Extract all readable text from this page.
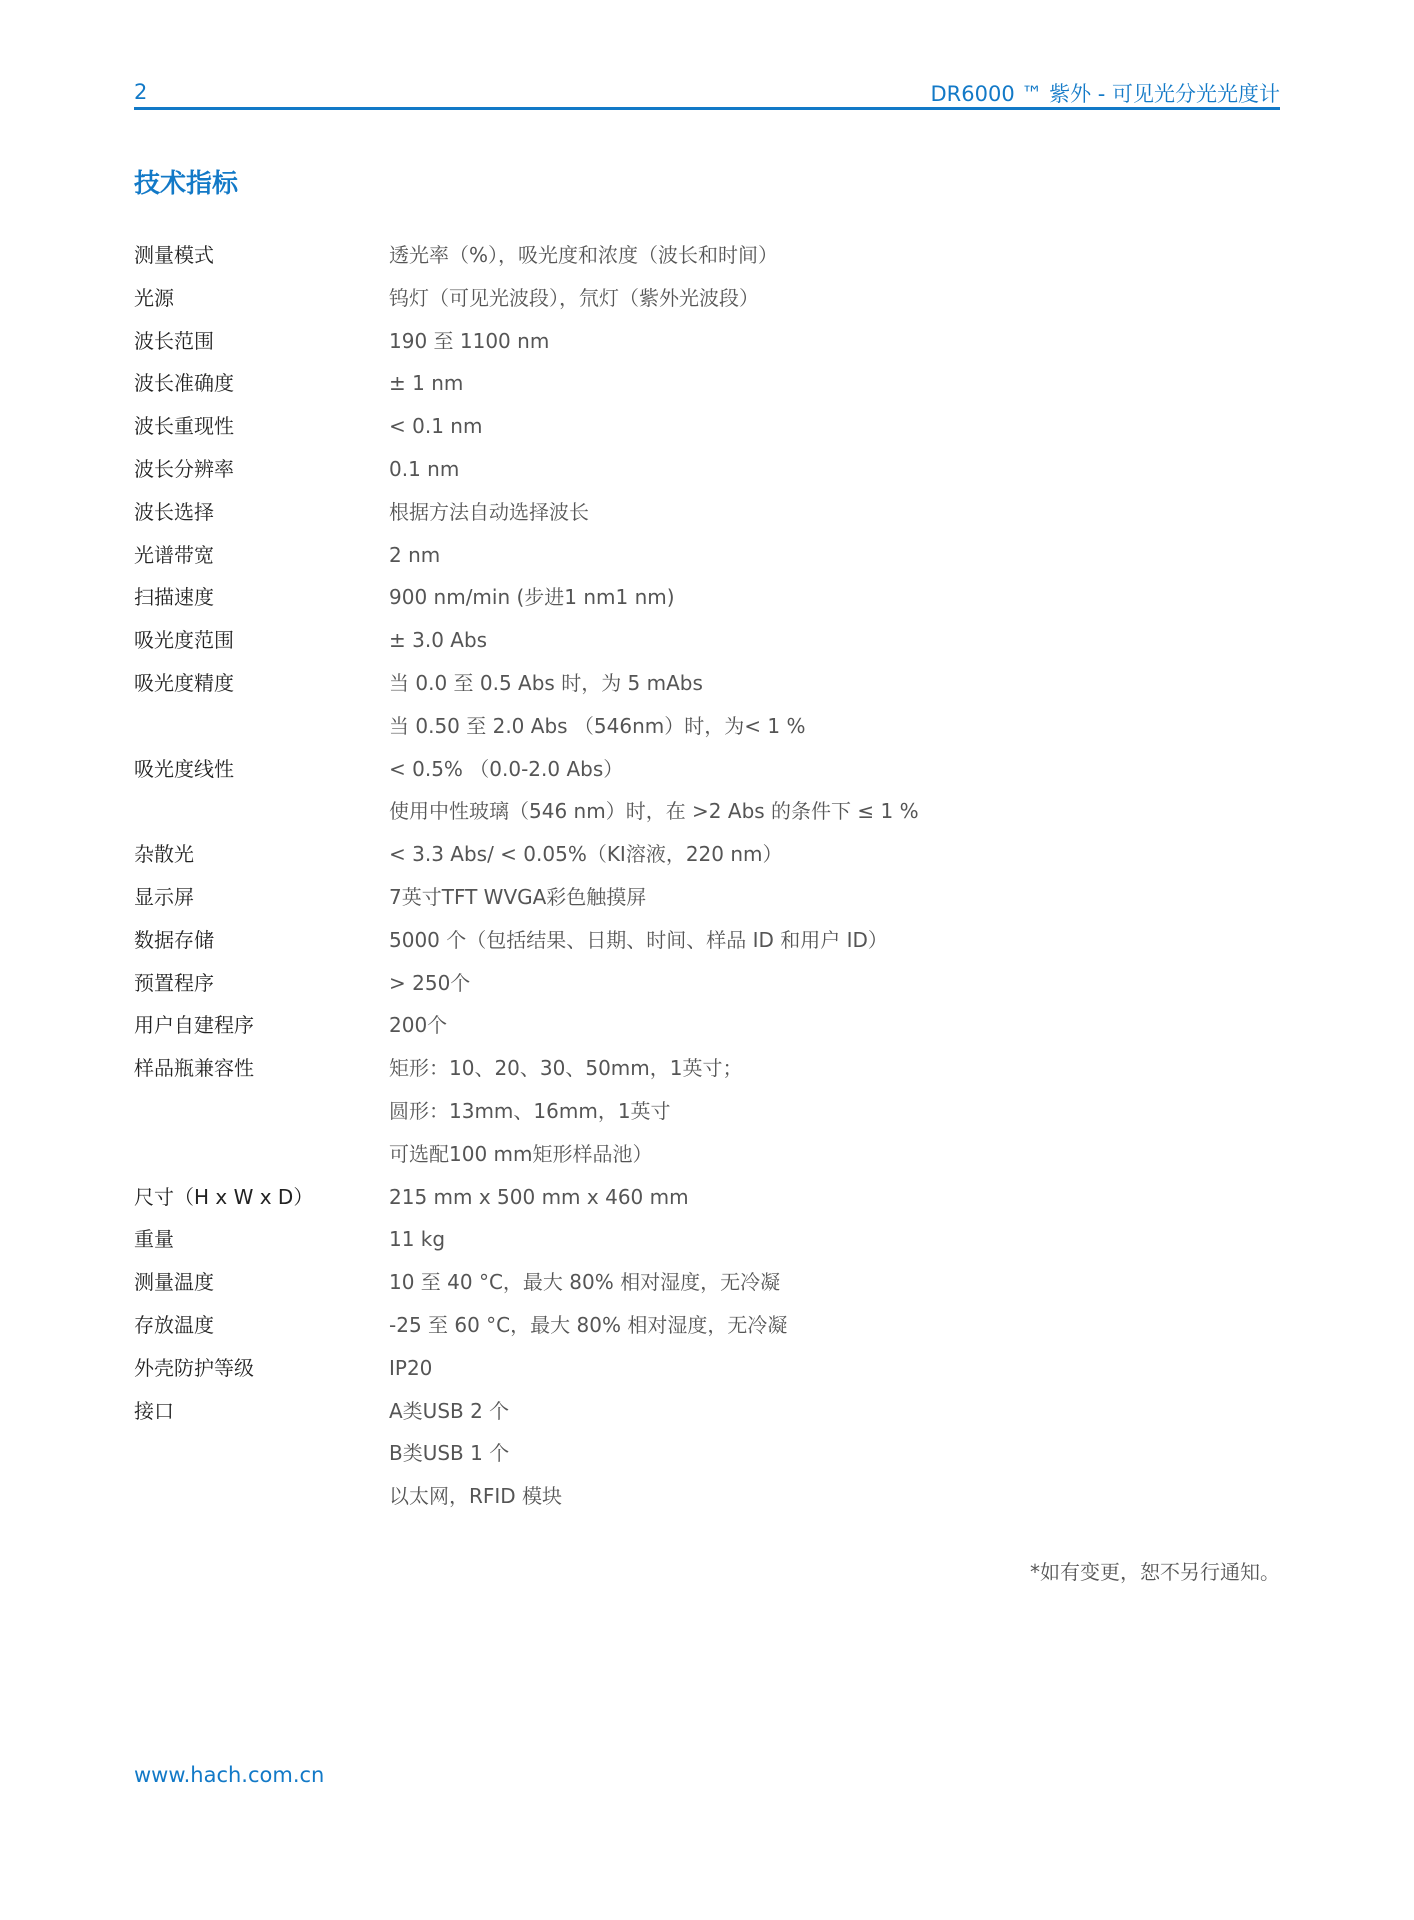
2	DR6000 ™ 紫外 - 可见光分光光度计
技术指标
测量模式	透光率（%），吸光度和浓度（波长和时间）
光源	钨灯（可见光波段），氘灯（紫外光波段）
波长范围	190 至 1100 nm
波长准确度	± 1 nm
波长重现性	< 0.1 nm
波长分辨率	0.1 nm
波长选择	根据方法自动选择波长
光谱带宽	2 nm
扫描速度	900 nm/min (步进1 nm1 nm)
吸光度范围	± 3.0 Abs
吸光度精度	当 0.0 至 0.5 Abs 时，为 5 mAbs
当 0.50 至 2.0 Abs （546nm）时，为< 1 %
吸光度线性	< 0.5% （0.0-2.0 Abs）
使用中性玻璃（546 nm）时，在 >2 Abs 的条件下 ≤ 1 %
杂散光	< 3.3 Abs/ < 0.05%（KI溶液，220 nm）
显示屏	7英寸TFT WVGA彩色触摸屏
数据存储	5000 个（包括结果、日期、时间、样品 ID 和用户 ID）
预置程序	> 250个
用户自建程序	200个
样品瓶兼容性	矩形：10、20、30、50mm，1英寸；
圆形：13mm、16mm，1英寸
可选配100 mm矩形样品池）
尺寸（H x W x D）	215 mm x 500 mm x 460 mm
重量	11 kg
测量温度	10 至 40 °C，最大 80% 相对湿度，无冷凝
存放温度	-25 至 60 °C，最大 80% 相对湿度，无冷凝
外壳防护等级	IP20
接口	A类USB 2 个
B类USB 1 个
以太网，RFID 模块
*如有变更，恕不另行通知。
www.hach.com.cn
